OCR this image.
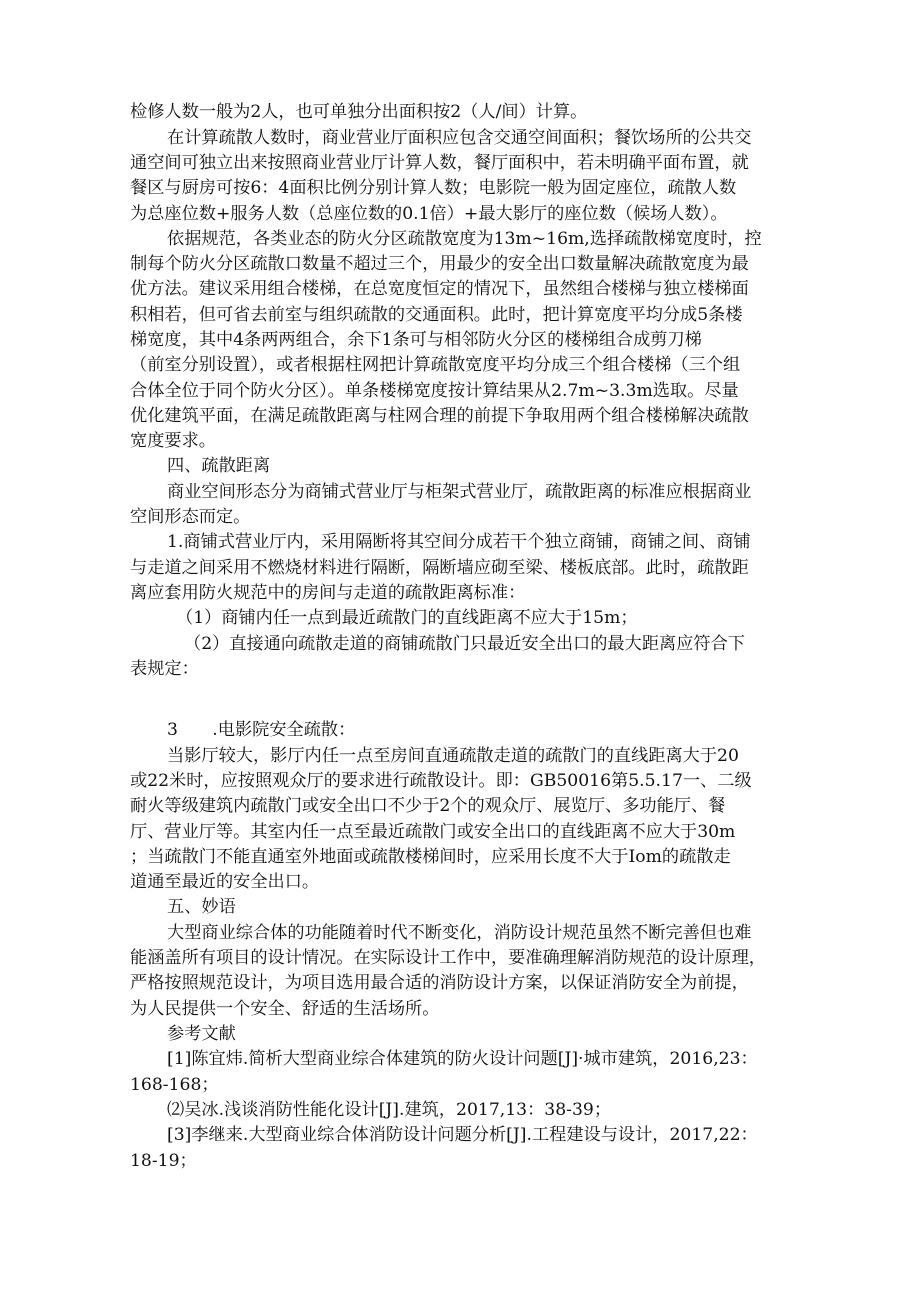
检修人数一般为2人，也可单独分出面积按2（人/间）计算。
在计算疏散人数时，商业营业厅面积应包含交通空间面积；餐饮场所的公共交
通空间可独立出来按照商业营业厅计算人数，餐厅面积中，若未明确平面布置，就
餐区与厨房可按6：4面积比例分别计算人数；电影院一般为固定座位，疏散人数
为总座位数+服务人数（总座位数的0.1倍）+最大影厅的座位数（候场人数）。
依据规范，各类业态的防火分区疏散宽度为13m~16m,选择疏散梯宽度时，控
制每个防火分区疏散口数量不超过三个，用最少的安全出口数量解决疏散宽度为最
优方法。建议采用组合楼梯，在总宽度恒定的情况下，虽然组合楼梯与独立楼梯面
积相若，但可省去前室与组织疏散的交通面积。此时，把计算宽度平均分成5条楼
梯宽度，其中4条两两组合，余下1条可与相邻防火分区的楼梯组合成剪刀梯
（前室分别设置），或者根据柱网把计算疏散宽度平均分成三个组合楼梯（三个组
合体全位于同个防火分区）。单条楼梯宽度按计算结果从2.7m~3.3m选取。尽量
优化建筑平面，在满足疏散距离与柱网合理的前提下争取用两个组合楼梯解决疏散
宽度要求。
四、疏散距离
商业空间形态分为商铺式营业厅与柜架式营业厅，疏散距离的标准应根据商业
空间形态而定。
1.商铺式营业厅内，采用隔断将其空间分成若干个独立商铺，商铺之间、商铺
与走道之间采用不燃烧材料进行隔断，隔断墙应砌至梁、楼板底部。此时，疏散距
离应套用防火规范中的房间与走道的疏散距离标准：
（1）商铺内任一点到最近疏散门的直线距离不应大于15m；
（2）直接通向疏散走道的商铺疏散门只最近安全出口的最大距离应符合下
表规定：
3　　.电影院安全疏散：
当影厅较大，影厅内任一点至房间直通疏散走道的疏散门的直线距离大于20
或22米时，应按照观众厅的要求进行疏散设计。即：GB50016第5.5.17一、二级
耐火等级建筑内疏散门或安全出口不少于2个的观众厅、展览厅、多功能厅、餐
厅、营业厅等。其室内任一点至最近疏散门或安全出口的直线距离不应大于30m
；当疏散门不能直通室外地面或疏散楼梯间时，应采用长度不大于Iom的疏散走
道通至最近的安全出口。
五、妙语
大型商业综合体的功能随着时代不断变化，消防设计规范虽然不断完善但也难
能涵盖所有项目的设计情况。在实际设计工作中，要准确理解消防规范的设计原理，
严格按照规范设计，为项目选用最合适的消防设计方案，以保证消防安全为前提，
为人民提供一个安全、舒适的生活场所。
参考文献
[1]陈宜炜.简析大型商业综合体建筑的防火设计问题[J]·城市建筑，2016,23：
168-168；
⑵吴冰.浅谈消防性能化设计[J].建筑，2017,13：38-39；
[3]李继来.大型商业综合体消防设计问题分析[J].工程建设与设计，2017,22：
18-19；
